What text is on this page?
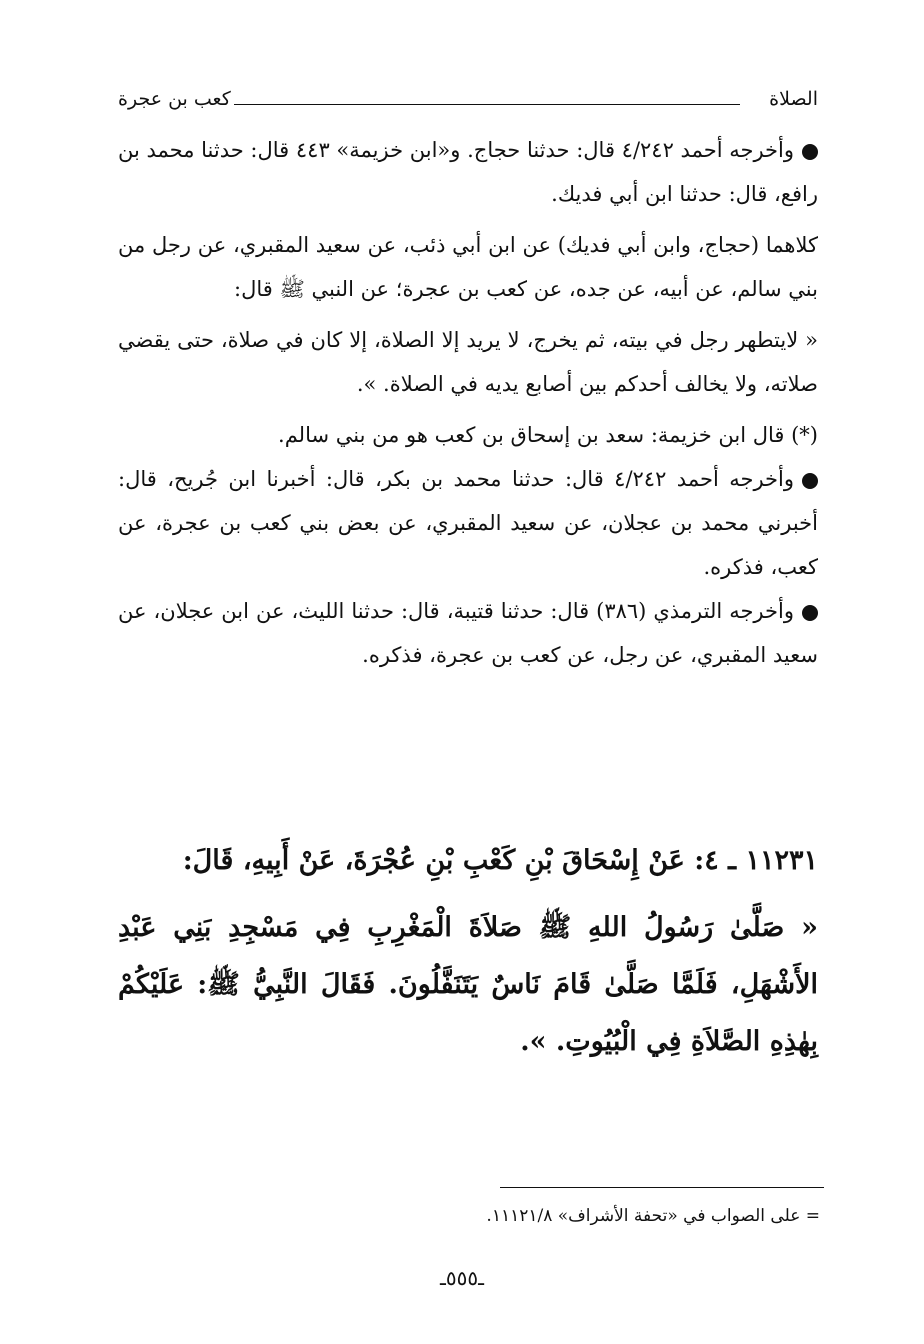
الصلاة
كعب بن عجرة

وأخرجه أحمد ٤/٢٤٢ قال: حدثنا حجاج. و«ابن خزيمة» ٤٤٣ قال: حدثنا محمد بن رافع، قال: حدثنا ابن أبي فديك.

كلاهما (حجاج، وابن أبي فديك) عن ابن أبي ذئب، عن سعيد المقبري، عن رجل من بني سالم، عن أبيه، عن جده، عن كعب بن عجرة؛ عن النبي ﷺ قال:

« لايتطهر رجل في بيته، ثم يخرج، لا يريد إلا الصلاة، إلا كان في صلاة، حتى يقضي صلاته، ولا يخالف أحدكم بين أصابع يديه في الصلاة. ».

(*) قال ابن خزيمة: سعد بن إسحاق بن كعب هو من بني سالم.

وأخرجه أحمد ٤/٢٤٢ قال: حدثنا محمد بن بكر، قال: أخبرنا ابن جُريح، قال: أخبرني محمد بن عجلان، عن سعيد المقبري، عن بعض بني كعب بن عجرة، عن كعب، فذكره.

وأخرجه الترمذي (٣٨٦) قال: حدثنا قتيبة، قال: حدثنا الليث، عن ابن عجلان، عن سعيد المقبري، عن رجل، عن كعب بن عجرة، فذكره.

١١٢٣١ ـ ٤: عَنْ إِسْحَاقَ بْنِ كَعْبِ بْنِ عُجْرَةَ، عَنْ أَبِيهِ، قَالَ:

« صَلَّىٰ رَسُولُ اللهِ ﷺ صَلاَةَ الْمَغْرِبِ فِي مَسْجِدِ بَنِي عَبْدِ الأَشْهَلِ، فَلَمَّا صَلَّىٰ قَامَ نَاسٌ يَتَنَفَّلُونَ. فَقَالَ النَّبِيُّ ﷺ: عَلَيْكُمْ بِهٰذِهِ الصَّلاَةِ فِي الْبُيُوتِ. ».

= على الصواب في «تحفة الأشراف» ١١١٢١/٨.
ـ٥٥٥ـ
